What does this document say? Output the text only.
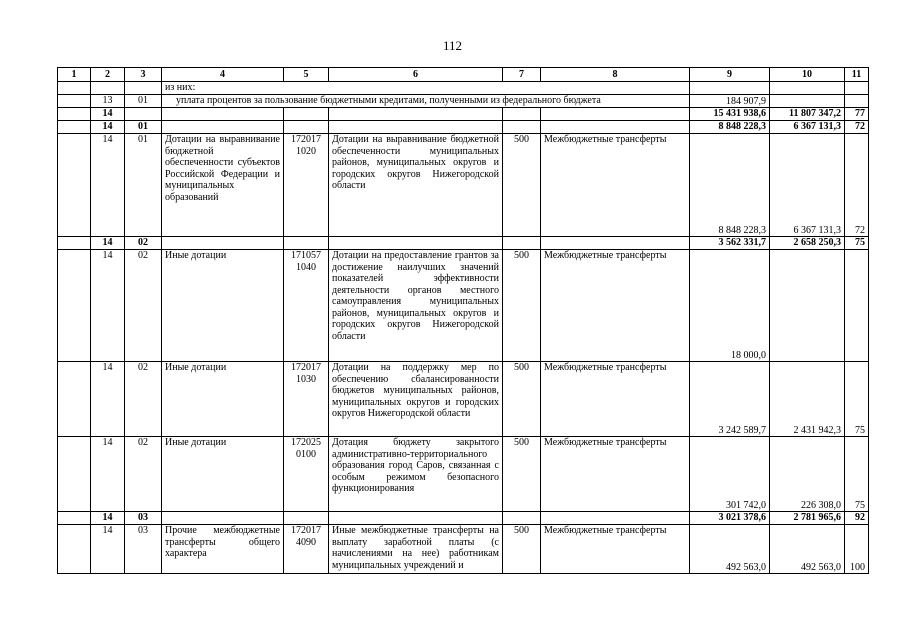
112
1	2	3	4	5	6	7	8	9	10	11
			из них:							
	13	01	уплата процентов за пользование бюджетными кредитами, полученными из федерального бюджета					184 907,9		
	14							15 431 938,6	11 807 347,2	77
	14	01						8 848 228,3	6 367 131,3	72
	14	01	Дотации на выравнивание бюджетной обеспеченности субъектов Российской Федерации и муниципальных образований	172017 1020	Дотации на выравнивание бюджетной обеспеченности муниципальных районов, муниципальных округов и городских округов Нижегородской области	500	Межбюджетные трансферты	8 848 228,3	6 367 131,3	72
	14	02						3 562 331,7	2 658 250,3	75
	14	02	Иные дотации	171057 1040	Дотации на предоставление грантов за достижение наилучших значений показателей эффективности деятельности органов местного самоуправления муниципальных районов, муниципальных округов и городских округов Нижегородской области	500	Межбюджетные трансферты	18 000,0		
	14	02	Иные дотации	172017 1030	Дотации на поддержку мер по обеспечению сбалансированности бюджетов муниципальных районов, муниципальных округов и городских округов Нижегородской области	500	Межбюджетные трансферты	3 242 589,7	2 431 942,3	75
	14	02	Иные дотации	172025 0100	Дотация бюджету закрытого административно-территориального образования город Саров, связанная с особым режимом безопасного функционирования	500	Межбюджетные трансферты	301 742,0	226 308,0	75
	14	03						3 021 378,6	2 781 965,6	92
	14	03	Прочие межбюджетные трансферты общего характера	172017 4090	Иные межбюджетные трансферты на выплату заработной платы (с начислениями на нее) работникам муниципальных учреждений и	500	Межбюджетные трансферты	492 563,0	492 563,0	100
